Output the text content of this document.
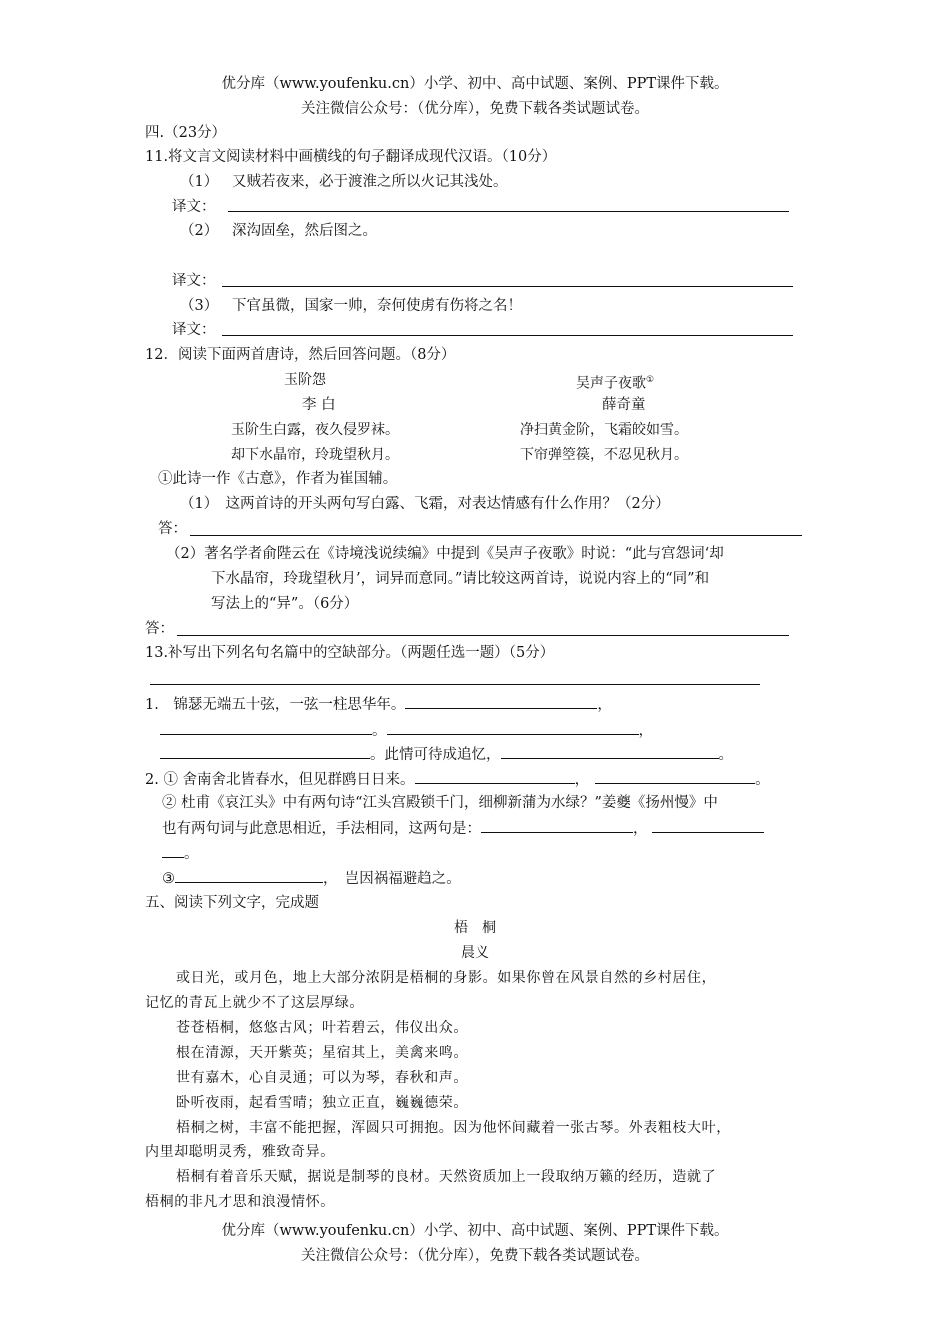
优分库（www.youfenku.cn）小学、初中、高中试题、案例、PPT课件下载。
关注微信公众号：（优分库），免费下载各类试题试卷。
四.（23分）
11.将文言文阅读材料中画横线的句子翻译成现代汉语。（10分）
（1） 又贼若夜来，必于渡淮之所以火记其浅处。
译文：
（2） 深沟固垒，然后图之。
译文：
（3） 下官虽微，国家一帅，奈何使虏有伤将之名！
译文：
12．阅读下面两首唐诗，然后回答问题。（8分）
玉阶怨	吴声子夜歌①
李 白	薛奇童
玉阶生白露，夜久侵罗袜。	净扫黄金阶，飞霜皎如雪。
却下水晶帘，玲珑望秋月。	下帘弹箜篌，不忍见秋月。
①此诗一作《古意》，作者为崔国辅。
（1）　这两首诗的开头两句写白露、飞霜，对表达情感有什么作用？（2分）
答：
（2）著名学者俞陛云在《诗境浅说续编》中提到《吴声子夜歌》时说：“此与宫怨词‘却
下水晶帘，玲珑望秋月’，词异而意同。”请比较这两首诗，说说内容上的“同”和
写法上的“异”。（6分）
答：
13.补写出下列名句名篇中的空缺部分。（两题任选一题）（5分）
1.　锦瑟无端五十弦，一弦一柱思华年。	，
。	，
。此情可待成追忆，	。
2. ① 舍南舍北皆春水，但见群鸥日日来。	，	。
② 杜甫《哀江头》中有两句诗“江头宫殿锁千门，细柳新蒲为水绿？”姜夔《扬州慢》中
也有两句词与此意思相近，手法相同，这两句是：	，
。
③	，　岂因祸福避趋之。
五、阅读下列文字，完成题
梧　桐
晨义
或日光，或月色，地上大部分浓阴是梧桐的身影。如果你曾在风景自然的乡村居住，
记忆的青瓦上就少不了这层厚绿。
苍苍梧桐，悠悠古风；叶若碧云，伟仪出众。
根在清源，天开紫英；星宿其上，美禽来鸣。
世有嘉木，心自灵通；可以为琴，春秋和声。
卧听夜雨，起看雪晴；独立正直，巍巍德荣。
梧桐之树，丰富不能把握，浑圆只可拥抱。因为他怀间藏着一张古琴。外表粗枝大叶，
内里却聪明灵秀，雅致奇异。
梧桐有着音乐天赋，据说是制琴的良材。天然资质加上一段取纳万籁的经历，造就了
梧桐的非凡才思和浪漫情怀。
优分库（www.youfenku.cn）小学、初中、高中试题、案例、PPT课件下载。
关注微信公众号：（优分库），免费下载各类试题试卷。
